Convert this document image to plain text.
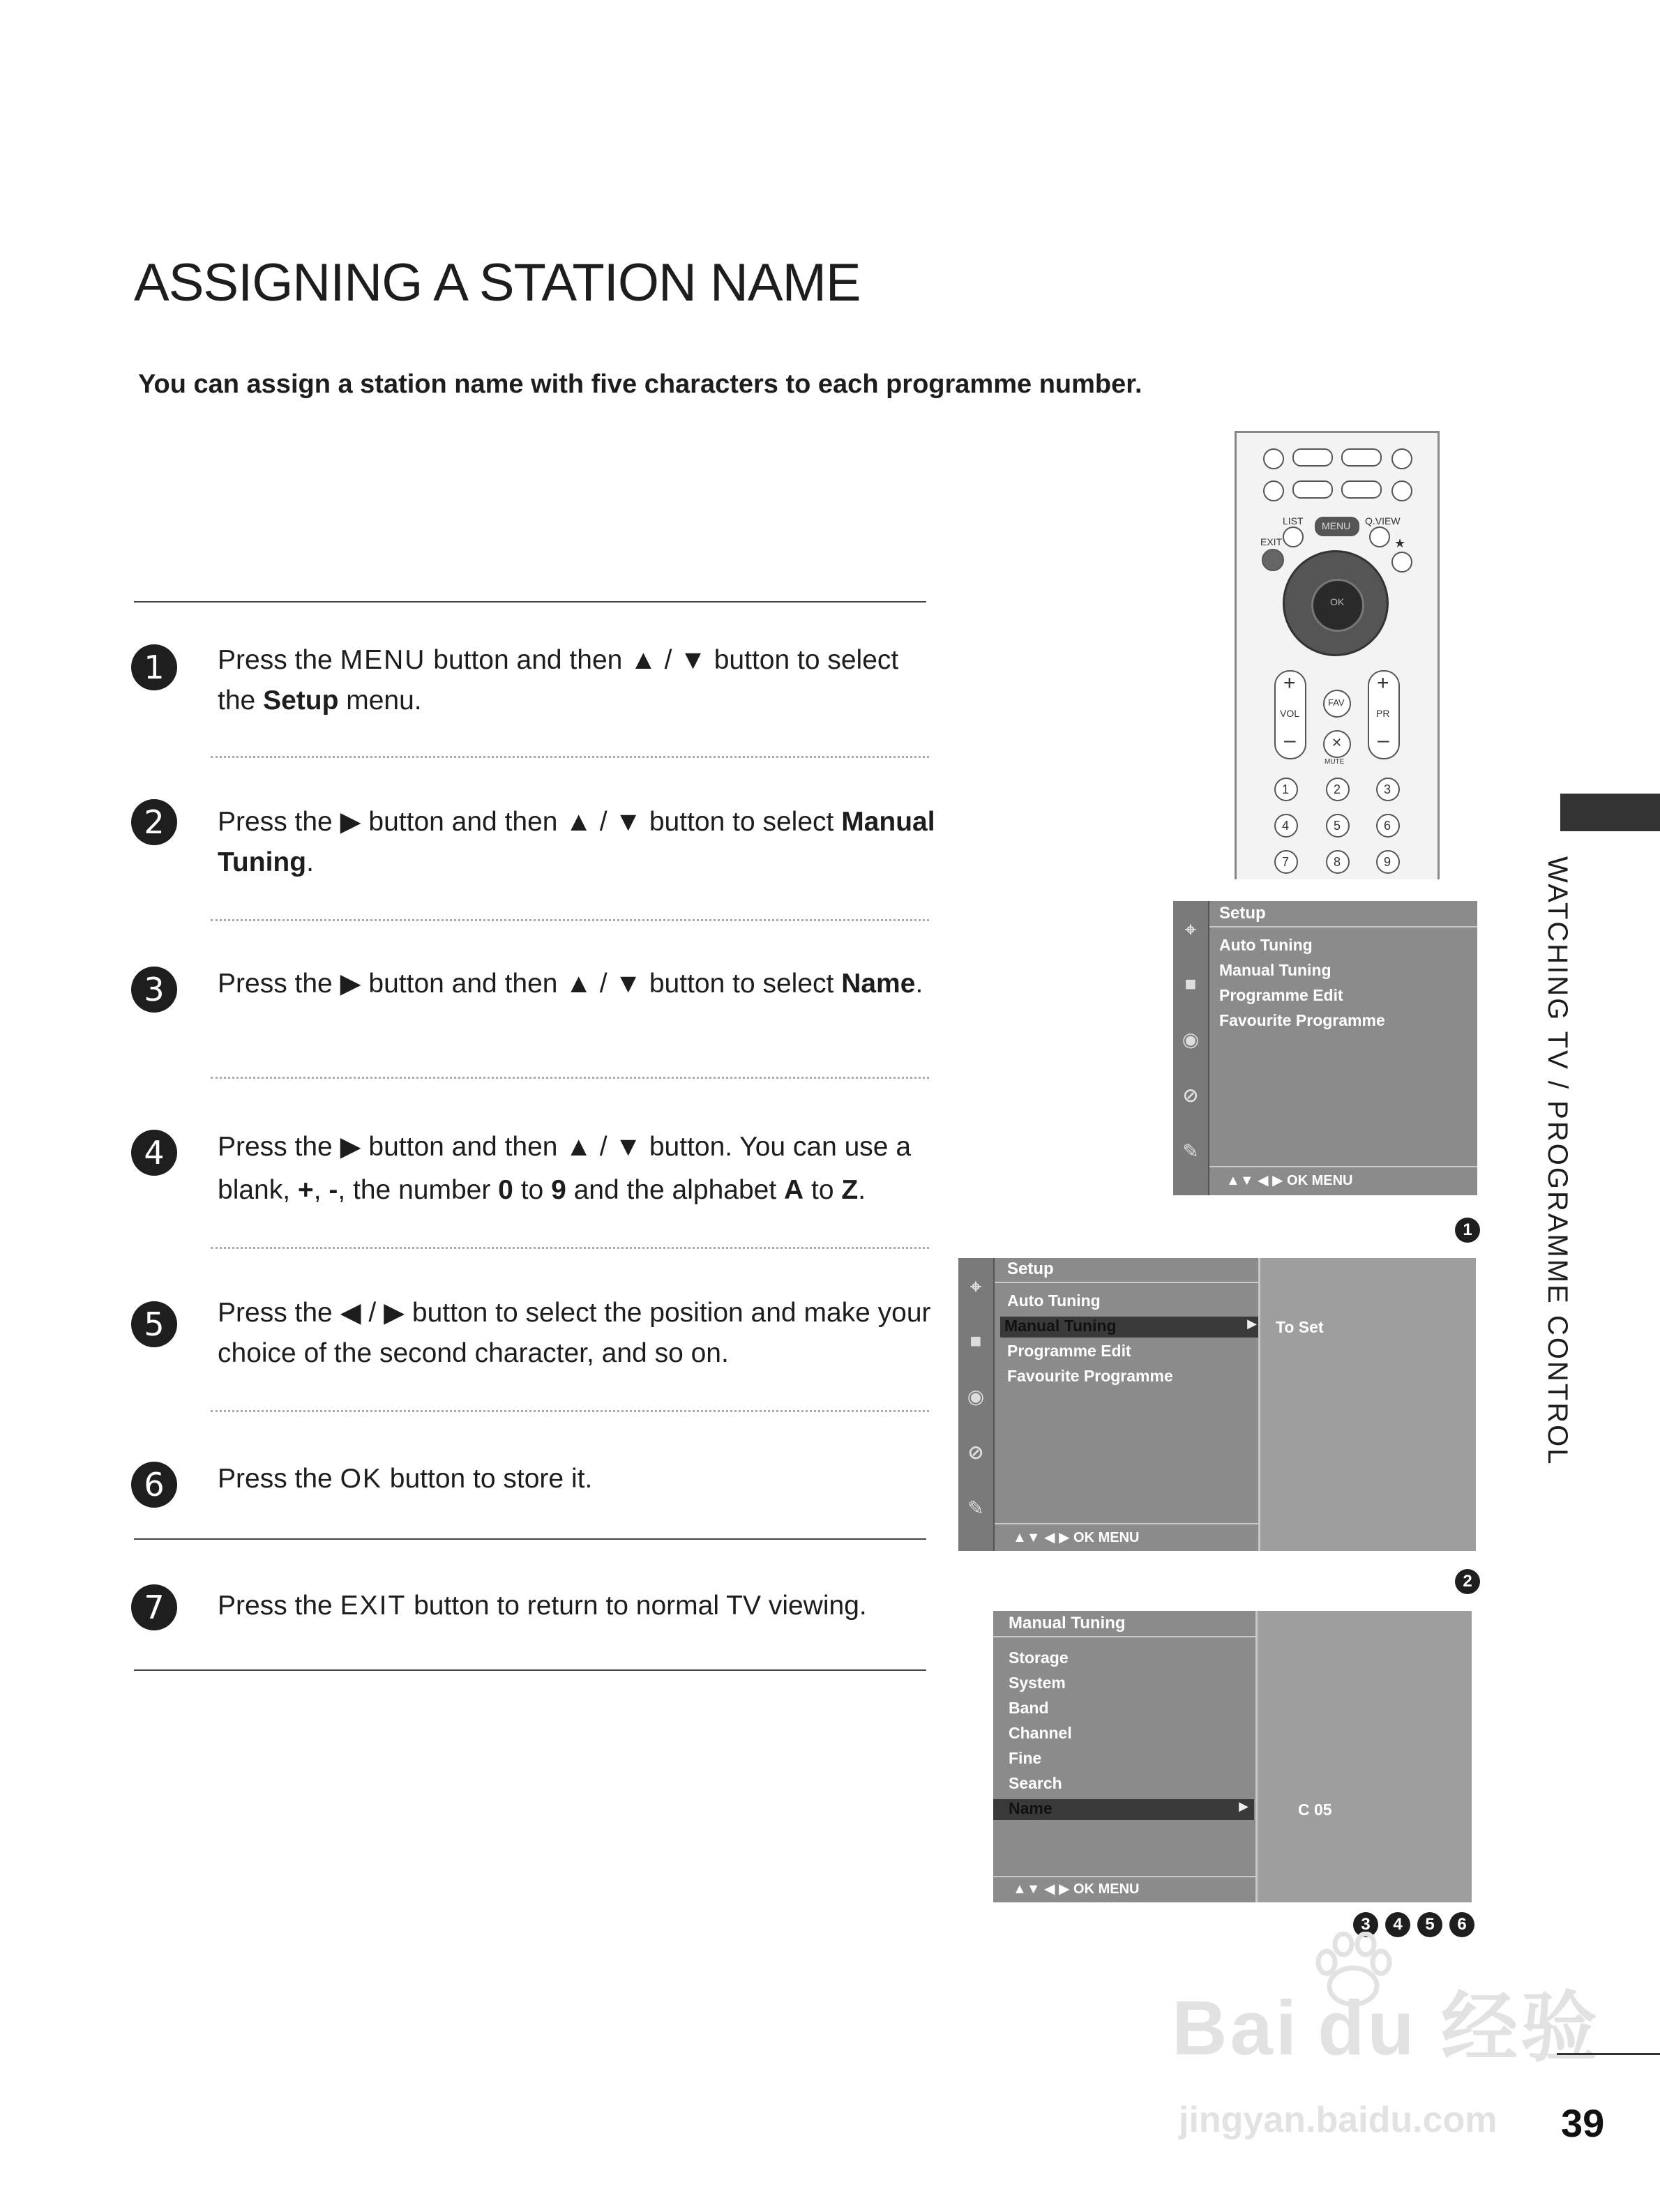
ASSIGNING A STATION NAME
You can assign a station name with five characters to each programme number.
1	Press the MENU button and then ▲ / ▼ button to select the Setup menu.
2	Press the ▶ button and then ▲ / ▼ button to select Manual Tuning.
3	Press the ▶ button and then ▲ / ▼ button to select Name.
4	Press the ▶ button and then ▲ / ▼ button. You can use a blank, +, -, the number 0 to 9 and the alphabet A to Z.
5	Press the ◀ / ▶ button to select the position and make your choice of the second character, and so on.
6	Press the OK button to store it.
7	Press the EXIT button to return to normal TV viewing.
LIST MENU Q.VIEW
EXIT	★
OK
+
VOL
–
+
PR
–
FAV
✕
MUTE
1	2	3
4	5	6
7	8	9
⌖
■
◉
⊘
✎
Setup
Auto Tuning
Manual Tuning
Programme Edit
Favourite Programme
▲▼ ◀ ▶ OK MENU
1
⌖
■
◉
⊘
✎
Setup
Auto Tuning
Manual Tuning	▶
Programme Edit
Favourite Programme
▲▼ ◀ ▶ OK MENU
To Set
2
Manual Tuning
Storage
System
Band
Channel
Fine
Search
Name	▶
▲▼ ◀ ▶ OK MENU
C 05
3	4	5	6
WATCHING TV / PROGRAMME CONTROL
Bai du 经验
jingyan.baidu.com 39
